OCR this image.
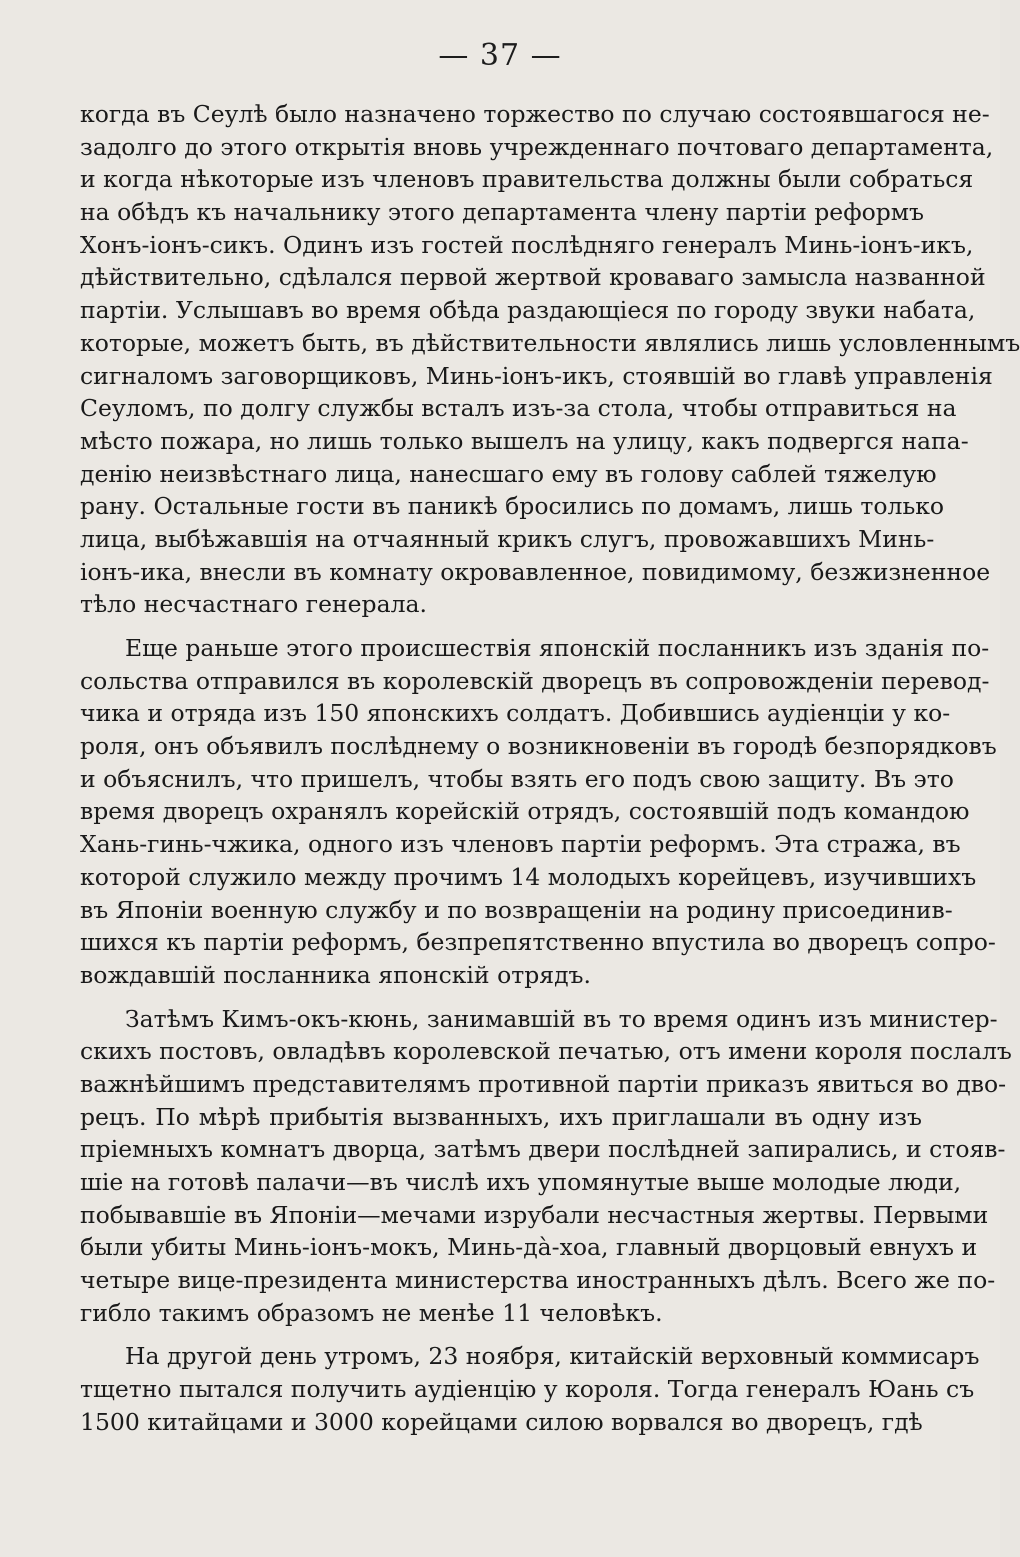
— 37 —
когда въ Сеулѣ было назначено торжество по случаю состоявшагося не-
задолго до этого открытія вновь учрежденнаго почтоваго департамента,
и когда нѣкоторые изъ членовъ правительства должны были собраться
на обѣдъ къ начальнику этого департамента члену партіи реформъ
Хонъ-іонъ-сикъ. Одинъ изъ гостей послѣдняго генералъ Минь-іонъ-икъ,
дѣйствительно, сдѣлался первой жертвой кроваваго замысла названной
партіи. Услышавъ во время обѣда раздающіеся по городу звуки набата,
которые, можетъ быть, въ дѣйствительности являлись лишь условленнымъ
сигналомъ заговорщиковъ, Минь-іонъ-икъ, стоявшій во главѣ управленія
Сеуломъ, по долгу службы всталъ изъ-за стола, чтобы отправиться на
мѣсто пожара, но лишь только вышелъ на улицу, какъ подвергся напа-
денію неизвѣстнаго лица, нанесшаго ему въ голову саблей тяжелую
рану. Остальные гости въ паникѣ бросились по домамъ, лишь только
лица, выбѣжавшія на отчаянный крикъ слугъ, провожавшихъ Минь-
іонъ-ика, внесли въ комнату окровавленное, повидимому, безжизненное
тѣло несчастнаго генерала.
Еще раньше этого происшествія японскій посланникъ изъ зданія по-
сольства отправился въ королевскій дворецъ въ сопровожденіи перевод-
чика и отряда изъ 150 японскихъ солдатъ. Добившись аудіенціи у ко-
роля, онъ объявилъ послѣднему о возникновеніи въ городѣ безпорядковъ
и объяснилъ, что пришелъ, чтобы взять его подъ свою защиту. Въ это
время дворецъ охранялъ корейскій отрядъ, состоявшій подъ командою
Хань-гинь-чжика, одного изъ членовъ партіи реформъ. Эта стража, въ
которой служило между прочимъ 14 молодыхъ корейцевъ, изучившихъ
въ Японіи военную службу и по возвращеніи на родину присоединив-
шихся къ партіи реформъ, безпрепятственно впустила во дворецъ сопро-
вождавшій посланника японскій отрядъ.
Затѣмъ Кимъ-окъ-кюнь, занимавшій въ то время одинъ изъ министер-
скихъ постовъ, овладѣвъ королевской печатью, отъ имени короля послалъ
важнѣйшимъ представителямъ противной партіи приказъ явиться во дво-
рецъ. По мѣрѣ прибытія вызванныхъ, ихъ приглашали въ одну изъ
пріемныхъ комнатъ дворца, затѣмъ двери послѣдней запирались, и стояв-
шіе на готовѣ палачи—въ числѣ ихъ упомянутые выше молодые люди,
побывавшіе въ Японіи—мечами изрубали несчастныя жертвы. Первыми
были убиты Минь-іонъ-мокъ, Минь-дà-хоа, главный дворцовый евнухъ и
четыре вице-президента министерства иностранныхъ дѣлъ. Всего же по-
гибло такимъ образомъ не менѣе 11 человѣкъ.
На другой день утромъ, 23 ноября, китайскій верховный коммисаръ
тщетно пытался получить аудіенцію у короля. Тогда генералъ Юань съ
1500 китайцами и 3000 корейцами силою ворвался во дворецъ, гдѣ
